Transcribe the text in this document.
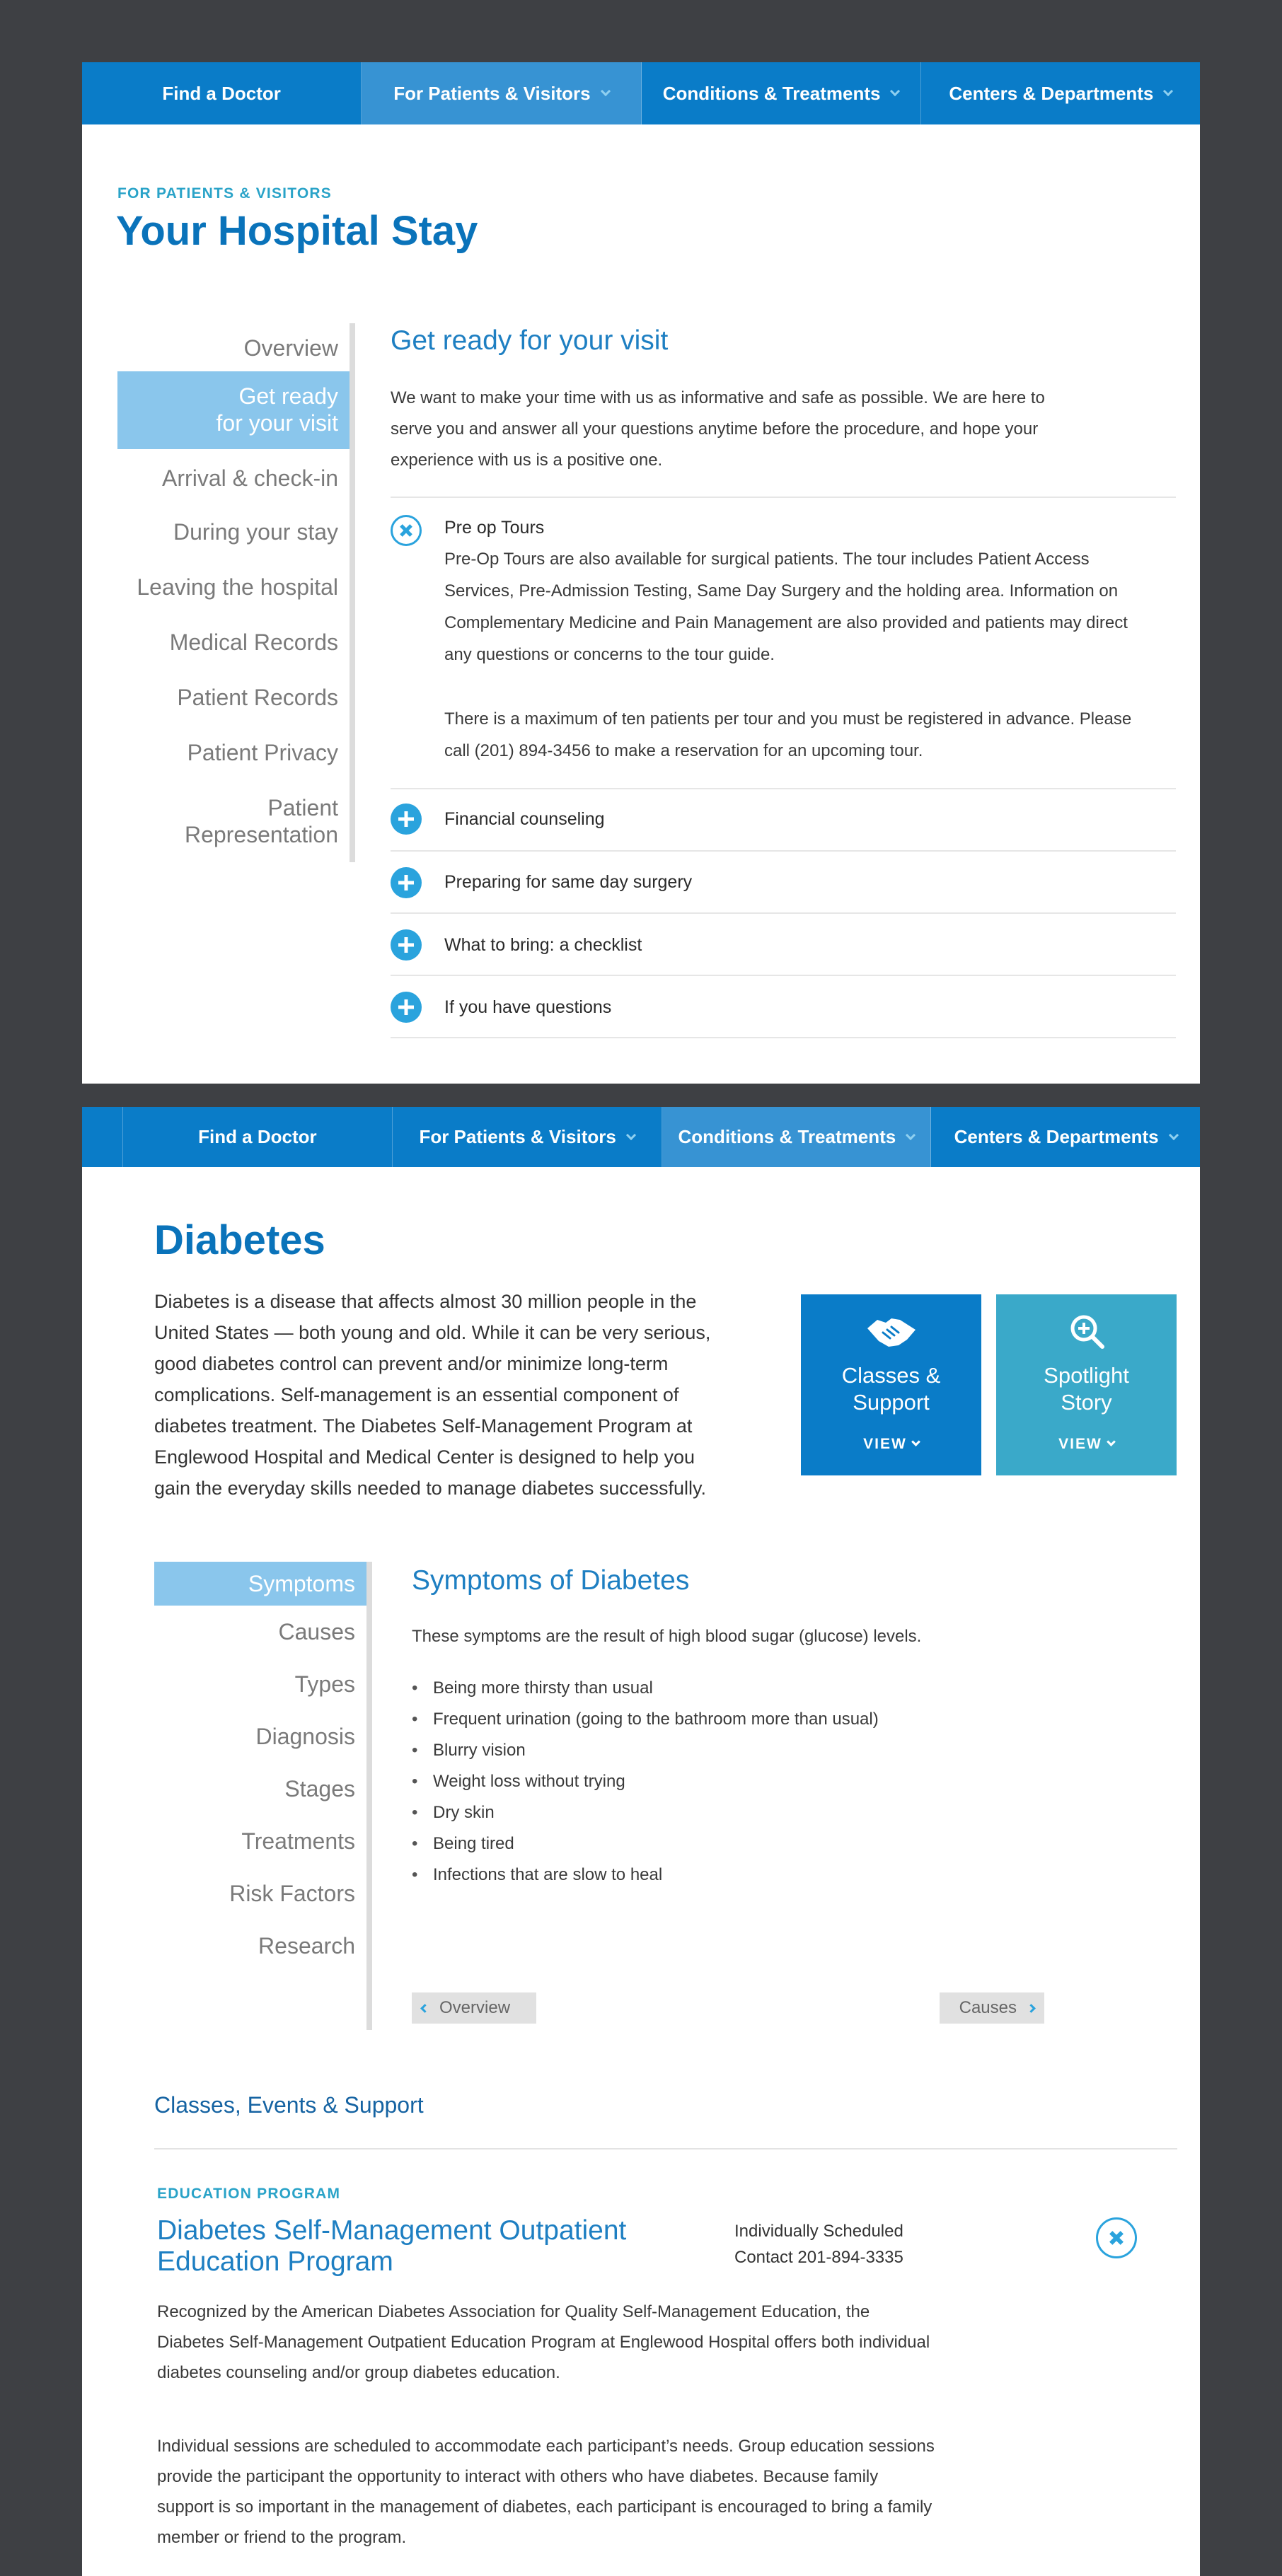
Find a Doctor	For Patients & Visitors	Conditions & Treatments	Centers & Departments
FOR PATIENTS & VISITORS
Your Hospital Stay
Overview
Get ready
for your visit
Arrival & check-in
During your stay
Leaving the hospital
Medical Records
Patient Records
Patient Privacy
Patient
Representation
Get ready for your visit
We want to make your time with us as informative and safe as possible. We are here to serve you and answer all your questions anytime before the procedure, and hope your experience with us is a positive one.
Pre op Tours
Pre-Op Tours are also available for surgical patients. The tour includes Patient Access Services, Pre-Admission Testing, Same Day Surgery and the holding area. Information on Complementary Medicine and Pain Management are also provided and patients may direct any questions or concerns to the tour guide.
There is a maximum of ten patients per tour and you must be registered in advance. Please call (201) 894-3456 to make a reservation for an upcoming tour.
Financial counseling
Preparing for same day surgery
What to bring: a checklist
If you have questions
Find a Doctor	For Patients & Visitors	Conditions & Treatments	Centers & Departments
Diabetes
Diabetes is a disease that affects almost 30 million people in the United States — both young and old. While it can be very serious, good diabetes control can prevent and/or minimize long-term complications. Self-management is an essential component of diabetes treatment. The Diabetes Self-Management Program at Englewood Hospital and Medical Center is designed to help you gain the everyday skills needed to manage diabetes successfully.
Classes &
Support
VIEW
Spotlight
Story
VIEW
Symptoms
Causes
Types
Diagnosis
Stages
Treatments
Risk Factors
Research
Symptoms of Diabetes
These symptoms are the result of high blood sugar (glucose) levels.
• Being more thirsty than usual
• Frequent urination (going to the bathroom more than usual)
• Blurry vision
• Weight loss without trying
• Dry skin
• Being tired
• Infections that are slow to heal
Overview	Causes
Classes, Events & Support
EDUCATION PROGRAM
Diabetes Self-Management Outpatient
Education Program
Individually Scheduled
Contact 201-894-3335
Recognized by the American Diabetes Association for Quality Self-Management Education, the Diabetes Self-Management Outpatient Education Program at Englewood Hospital offers both individual diabetes counseling and/or group diabetes education.
Individual sessions are scheduled to accommodate each participant’s needs. Group education sessions provide the participant the opportunity to interact with others who have diabetes. Because family support is so important in the management of diabetes, each participant is encouraged to bring a family member or friend to the program.
